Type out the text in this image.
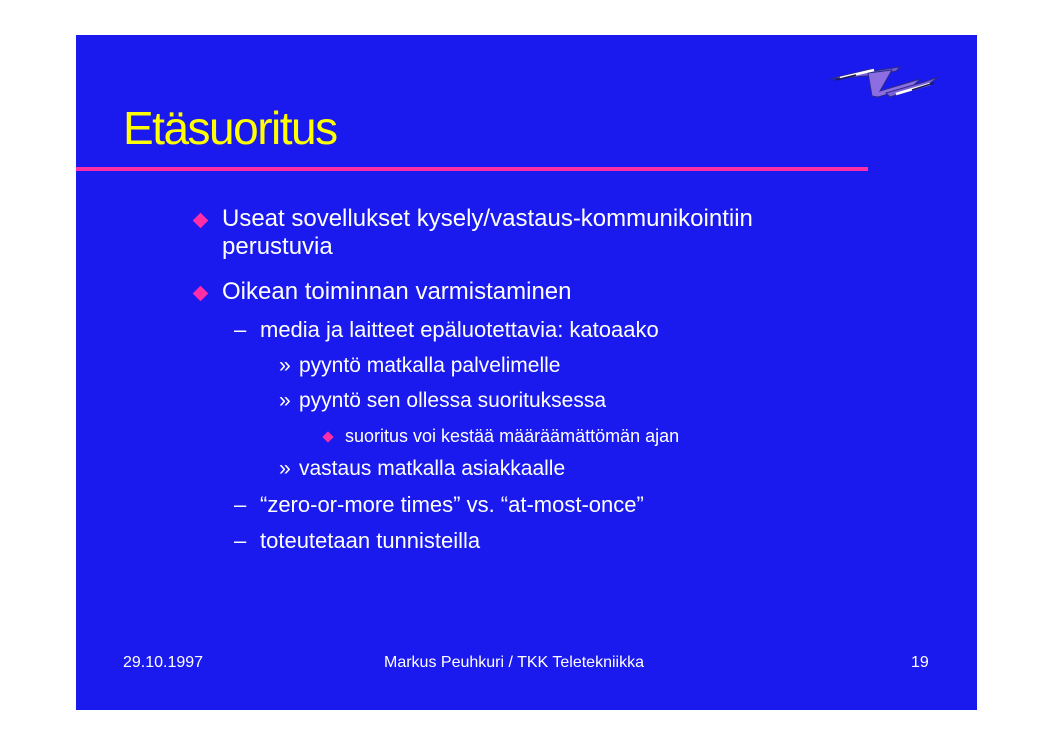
Etäsuoritus
Useat sovellukset kysely/vastaus-kommunikointiin
perustuvia
Oikean toiminnan varmistaminen
– media ja laitteet epäluotettavia: katoaako
» pyyntö matkalla palvelimelle
» pyyntö sen ollessa suorituksessa
suoritus voi kestää määräämättömän ajan
» vastaus matkalla asiakkaalle
– “zero-or-more times” vs. “at-most-once”
– toteutetaan tunnisteilla
29.10.1997	Markus Peuhkuri / TKK Teletekniikka	19
